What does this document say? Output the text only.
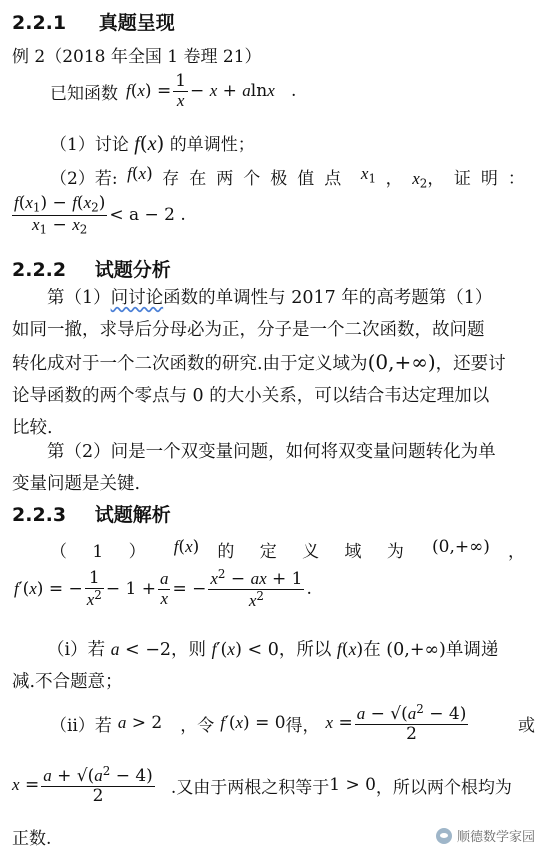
2.2.1 真题呈现
例 2（2018 年全国 1 卷理 21）
已知函数 f ( x ) = $\frac{1}{x} - x + alnx$   .
（1）讨论 f(x) 的单调性；
（2）若: f(x) 存在两个极值点 $x_1$ ， $x_2$， 证明：
$\frac{f(x_1) - f(x_2)}{x_1 - x_2} < a - 2$ .
2.2.2 试题分析
第（1）问讨论函数的单调性与 2017 年的高考题第（1）
如同一撤，求导后分母必为正，分子是一个二次函数，故问题
转化成对于一个二次函数的研究.由于定义域为(0,+∞)，还要讨
论导函数的两个零点与 0 的大小关系，可以结合韦达定理加以
比较.
第（2）问是一个双变量问题，如何将双变量问题转化为单
变量问题是关键.
2.2.3 试题解析
（ 1 ） f(x) 的 定 义 域 为 (0,+∞) ，
f′(x) = − $\frac{1}{x^2} - 1 + \frac{a}{x}$ = − $\frac{x^2 - ax + 1}{x^2}$ .
（ⅰ）若 a < −2，则 f′(x) < 0，所以 f(x)在 (0,+∞)单调递
减.不合题意；
（ⅱ）若 a > 2 ，令 f′(x) = 0 得， $x = \frac{a - √(a^2 - 4)}{2}$	或
$x = \frac{a + √(a^2 - 4)}{2}$ .又由于两根之积等于 1 > 0 ，所以两个根均为
正数.	顺德数学家园
